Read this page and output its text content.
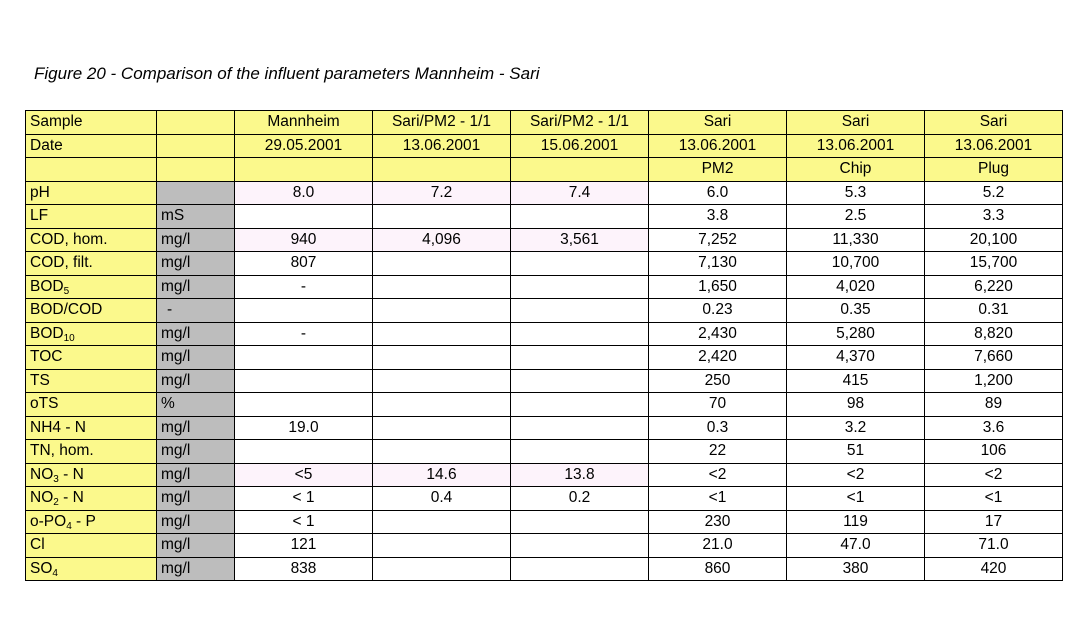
Figure 20 - Comparison of the influent parameters Mannheim - Sari
Sample		Mannheim	Sari/PM2 - 1/1	Sari/PM2 - 1/1	Sari	Sari	Sari
Date		29.05.2001	13.06.2001	15.06.2001	13.06.2001	13.06.2001	13.06.2001
					PM2	Chip	Plug
pH		8.0	7.2	7.4	6.0	5.3	5.2
LF	mS				3.8	2.5	3.3
COD, hom.	mg/l	940	4,096	3,561	7,252	11,330	20,100
COD, filt.	mg/l	807			7,130	10,700	15,700
$BOD_5$	mg/l	-			1,650	4,020	6,220
BOD/COD	-				0.23	0.35	0.31
$BOD_{10}$	mg/l	-			2,430	5,280	8,820
TOC	mg/l				2,420	4,370	7,660
TS	mg/l				250	415	1,200
oTS	%				70	98	89
NH4 - N	mg/l	19.0			0.3	3.2	3.6
TN, hom.	mg/l				22	51	106
$NO_3$ - N	mg/l	<5	14.6	13.8	<2	<2	<2
$NO_2$ - N	mg/l	< 1	0.4	0.2	<1	<1	<1
$o-PO_4$ - P	mg/l	< 1			230	119	17
Cl	mg/l	121			21.0	47.0	71.0
$SO_4$	mg/l	838			860	380	420
